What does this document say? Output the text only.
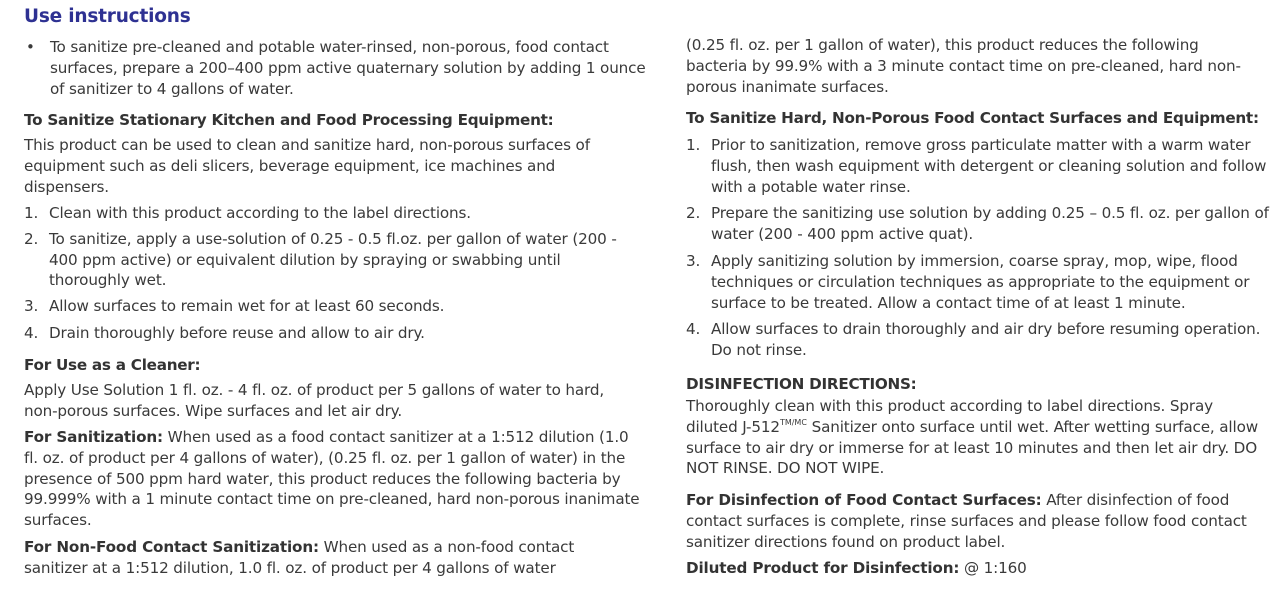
Use instructions
• To sanitize pre-cleaned and potable water-rinsed, non-porous, food contact surfaces, prepare a 200–400 ppm active quaternary solution by adding 1 ounce of sanitizer to 4 gallons of water.
To Sanitize Stationary Kitchen and Food Processing Equipment:
This product can be used to clean and sanitize hard, non-porous surfaces of equipment such as deli slicers, beverage equipment, ice machines and dispensers.
1. Clean with this product according to the label directions.
2. To sanitize, apply a use-solution of 0.25 - 0.5 fl.oz. per gallon of water (200 - 400 ppm active) or equivalent dilution by spraying or swabbing until thoroughly wet.
3. Allow surfaces to remain wet for at least 60 seconds.
4. Drain thoroughly before reuse and allow to air dry.
For Use as a Cleaner:
Apply Use Solution 1 fl. oz. - 4 fl. oz. of product per 5 gallons of water to hard, non-porous surfaces. Wipe surfaces and let air dry.

For Sanitization: When used as a food contact sanitizer at a 1:512 dilution (1.0 fl. oz. of product per 4 gallons of water), (0.25 fl. oz. per 1 gallon of water) in the presence of 500 ppm hard water, this product reduces the following bacteria by 99.999% with a 1 minute contact time on pre-cleaned, hard non-porous inanimate surfaces.

For Non-Food Contact Sanitization: When used as a non-food contact sanitizer at a 1:512 dilution, 1.0 fl. oz. of product per 4 gallons of water

(0.25 fl. oz. per 1 gallon of water), this product reduces the following bacteria by 99.9% with a 3 minute contact time on pre-cleaned, hard non-porous inanimate surfaces.
To Sanitize Hard, Non-Porous Food Contact Surfaces and Equipment:
1. Prior to sanitization, remove gross particulate matter with a warm water flush, then wash equipment with detergent or cleaning solution and follow with a potable water rinse.
2. Prepare the sanitizing use solution by adding 0.25 – 0.5 fl. oz. per gallon of water (200 - 400 ppm active quat).
3. Apply sanitizing solution by immersion, coarse spray, mop, wipe, flood techniques or circulation techniques as appropriate to the equipment or surface to be treated. Allow a contact time of at least 1 minute.
4. Allow surfaces to drain thoroughly and air dry before resuming operation. Do not rinse.
DISINFECTION DIRECTIONS:

Thoroughly clean with this product according to label directions. Spray diluted $J-512^{TM/MC}$ Sanitizer onto surface until wet. After wetting surface, allow surface to air dry or immerse for at least 10 minutes and then let air dry. DO NOT RINSE. DO NOT WIPE.

For Disinfection of Food Contact Surfaces: After disinfection of food contact surfaces is complete, rinse surfaces and please follow food contact sanitizer directions found on product label.

Diluted Product for Disinfection: @ 1:160
